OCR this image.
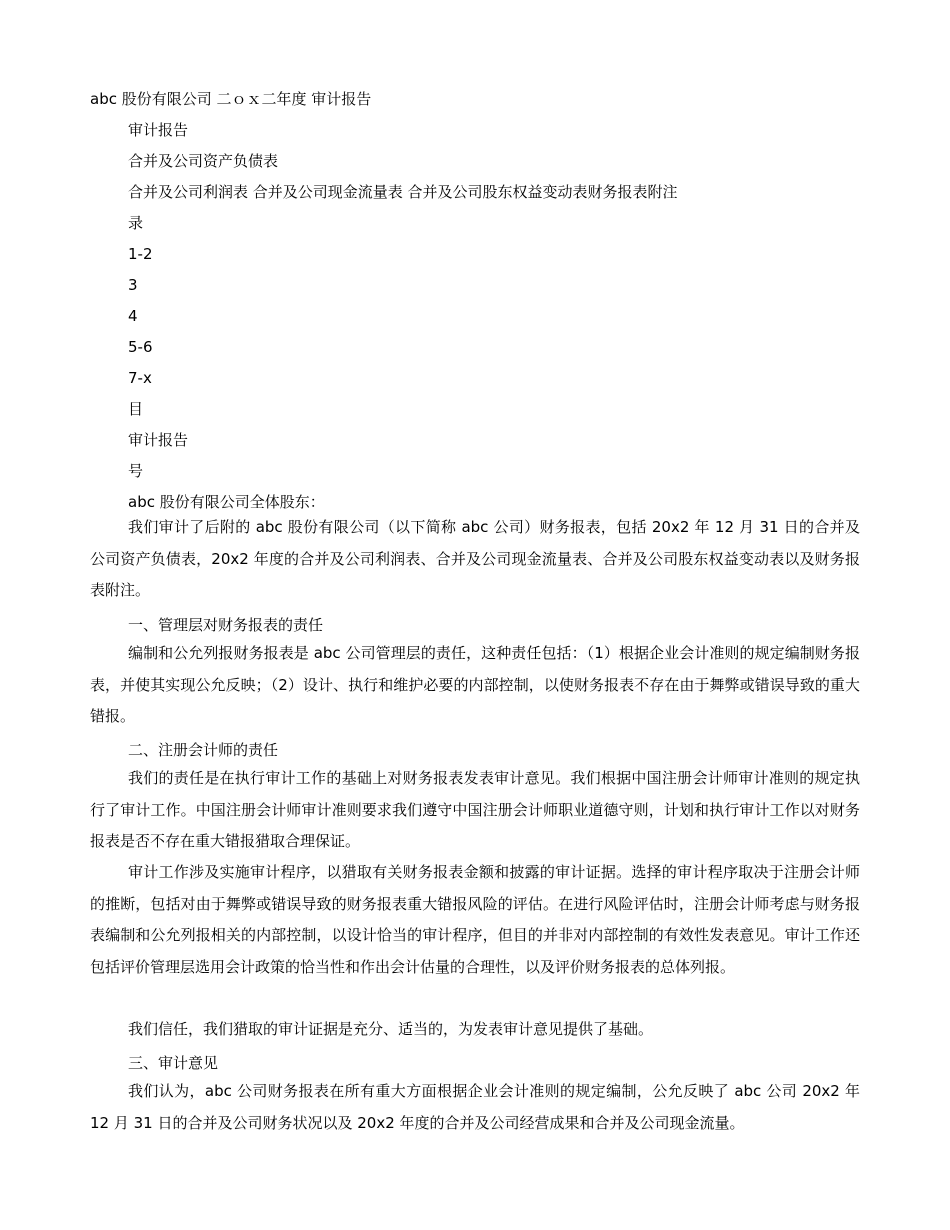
abc 股份有限公司 二ｏｘ二年度 审计报告
审计报告
合并及公司资产负债表
合并及公司利润表 合并及公司现金流量表 合并及公司股东权益变动表财务报表附注
录
1-2
3
4
5-6
7-x
目
审计报告
号
abc 股份有限公司全体股东：

我们审计了后附的 abc 股份有限公司（以下简称 abc 公司）财务报表，包括 20x2 年 12 月 31 日的合并及公司资产负债表，20x2 年度的合并及公司利润表、合并及公司现金流量表、合并及公司股东权益变动表以及财务报表附注。

一、管理层对财务报表的责任

编制和公允列报财务报表是 abc 公司管理层的责任，这种责任包括：（1）根据企业会计准则的规定编制财务报表，并使其实现公允反映；（2）设计、执行和维护必要的内部控制，以使财务报表不存在由于舞弊或错误导致的重大错报。

二、注册会计师的责任

我们的责任是在执行审计工作的基础上对财务报表发表审计意见。我们根据中国注册会计师审计准则的规定执行了审计工作。中国注册会计师审计准则要求我们遵守中国注册会计师职业道德守则，计划和执行审计工作以对财务报表是否不存在重大错报猎取合理保证。

审计工作涉及实施审计程序，以猎取有关财务报表金额和披露的审计证据。选择的审计程序取决于注册会计师的推断，包括对由于舞弊或错误导致的财务报表重大错报风险的评估。在进行风险评估时，注册会计师考虑与财务报表编制和公允列报相关的内部控制，以设计恰当的审计程序，但目的并非对内部控制的有效性发表意见。审计工作还包括评价管理层选用会计政策的恰当性和作出会计估量的合理性，以及评价财务报表的总体列报。

我们信任，我们猎取的审计证据是充分、适当的，为发表审计意见提供了基础。

三、审计意见

我们认为，abc 公司财务报表在所有重大方面根据企业会计准则的规定编制，公允反映了 abc 公司 20x2 年 12 月 31 日的合并及公司财务状况以及 20x2 年度的合并及公司经营成果和合并及公司现金流量。
